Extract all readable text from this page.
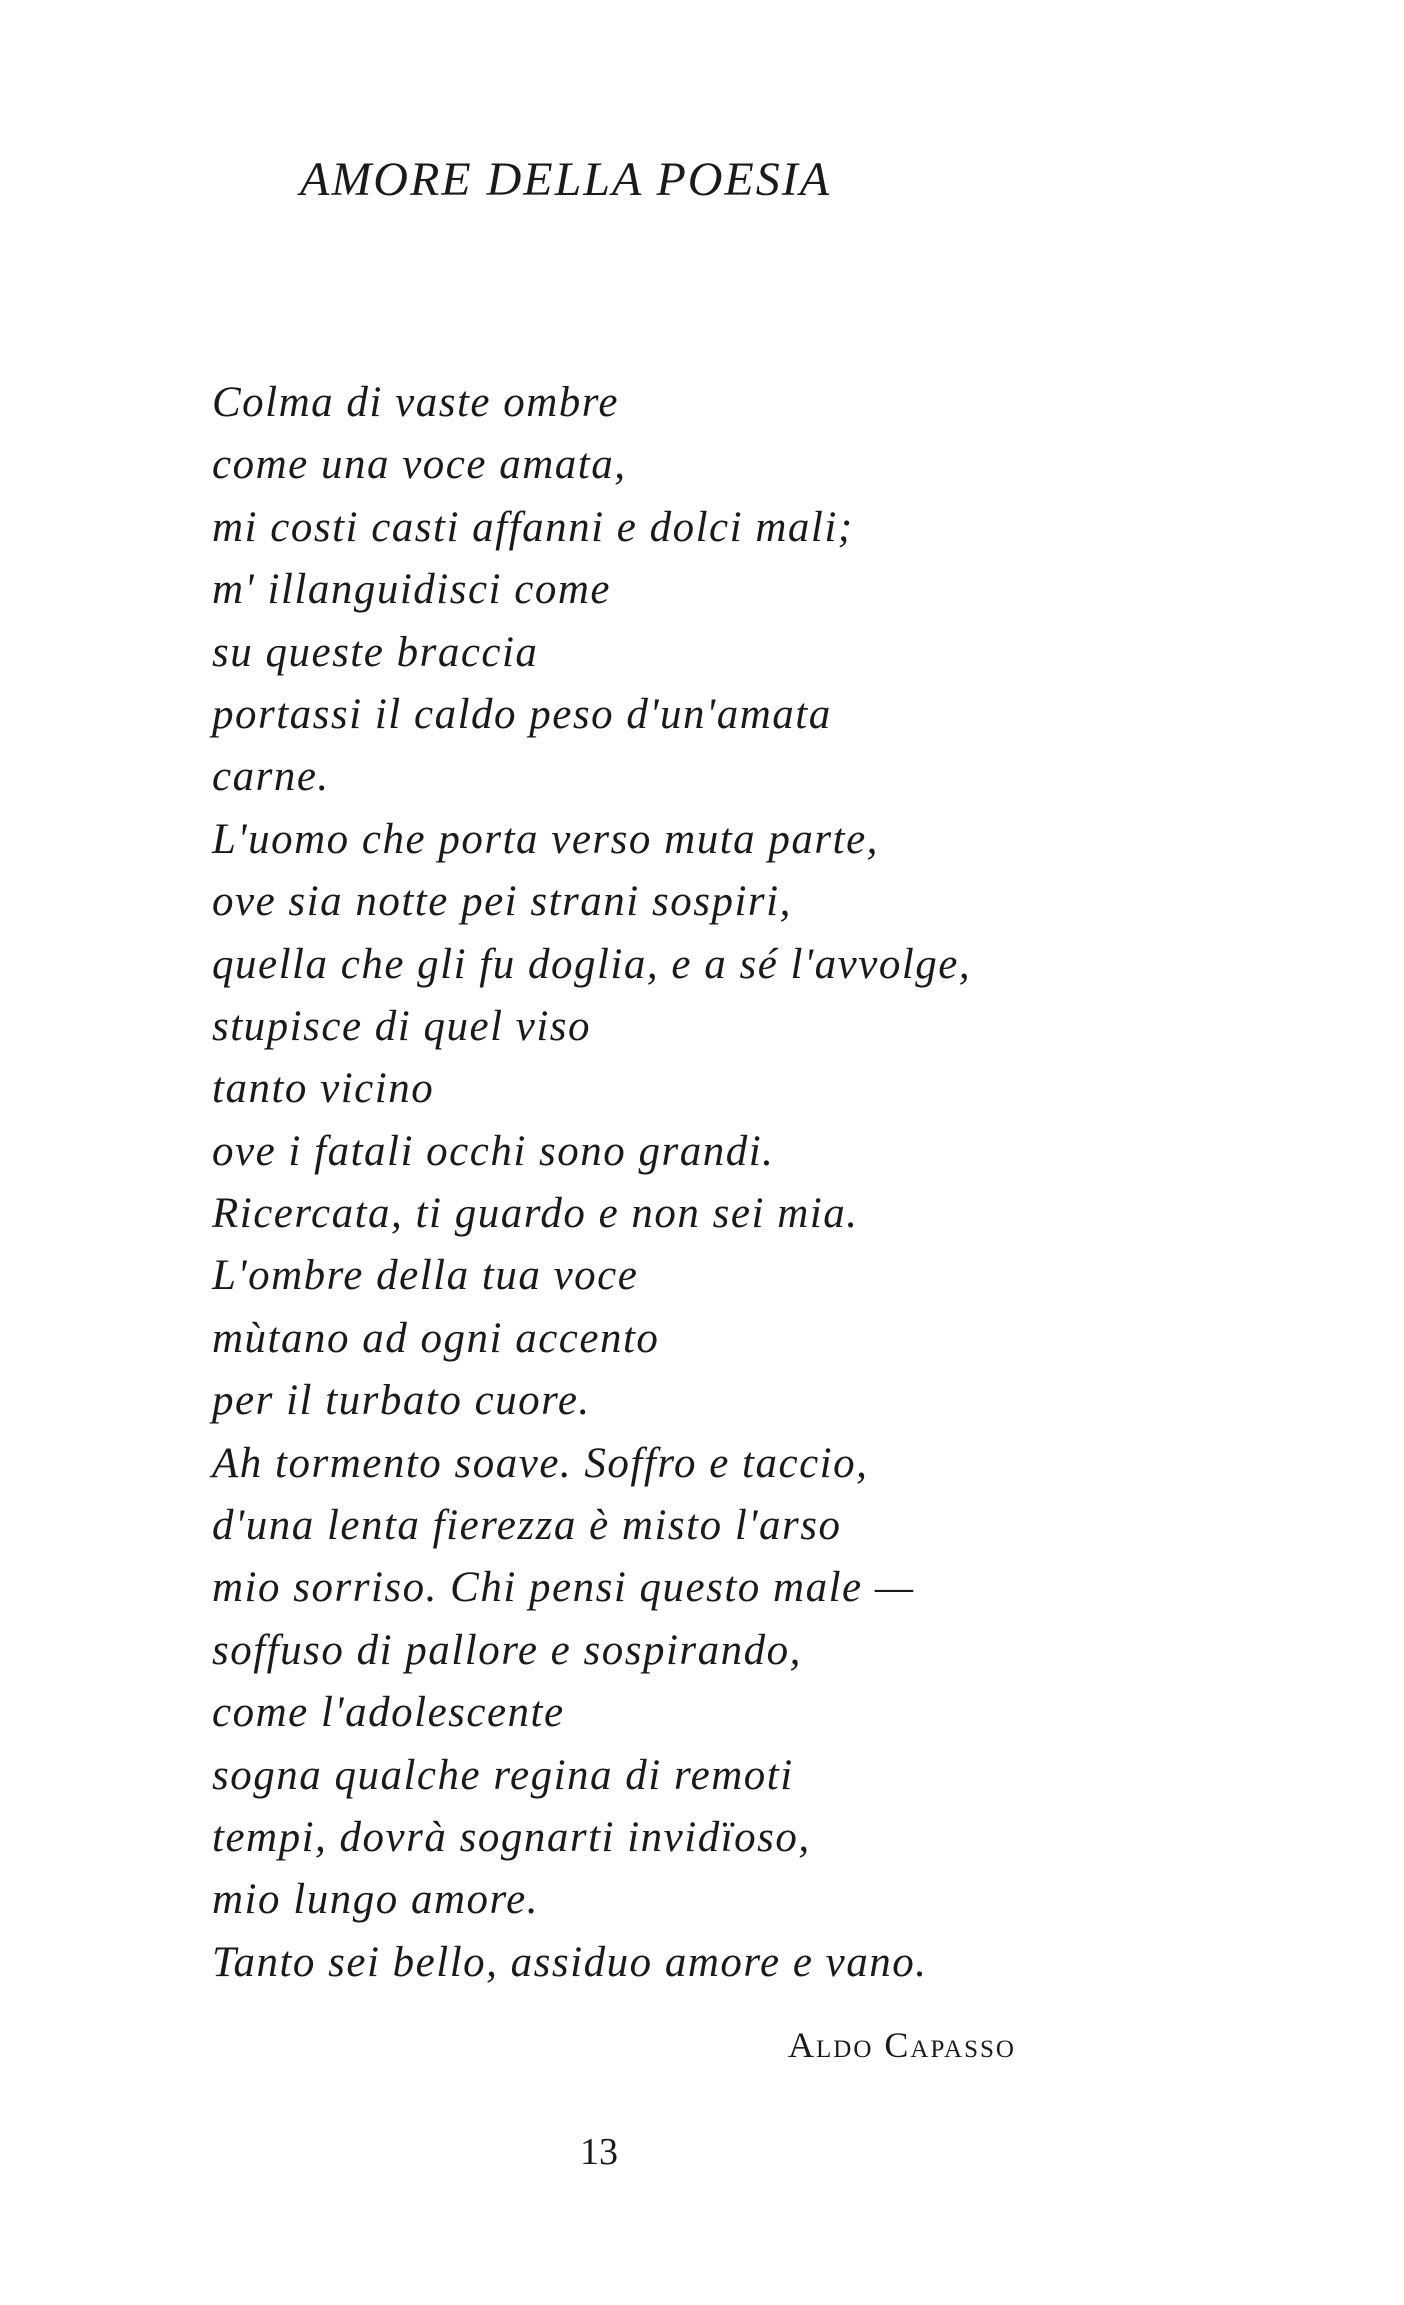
AMORE DELLA POESIA
Colma di vaste ombre
come una voce amata,
mi costi casti affanni e dolci mali;
m' illanguidisci come
su queste braccia
portassi il caldo peso d'un'amata
carne.
L'uomo che porta verso muta parte,
ove sia notte pei strani sospiri,
quella che gli fu doglia, e a sé l'avvolge,
stupisce di quel viso
tanto vicino
ove i fatali occhi sono grandi.
Ricercata, ti guardo e non sei mia.
L'ombre della tua voce
mùtano ad ogni accento
per il turbato cuore.
Ah tormento soave. Soffro e taccio,
d'una lenta fierezza è misto l'arso
mio sorriso. Chi pensi questo male —
soffuso di pallore e sospirando,
come l'adolescente
sogna qualche regina di remoti
tempi, dovrà sognarti invidïoso,
mio lungo amore.
Tanto sei bello, assiduo amore e vano.
Aldo Capasso
13
